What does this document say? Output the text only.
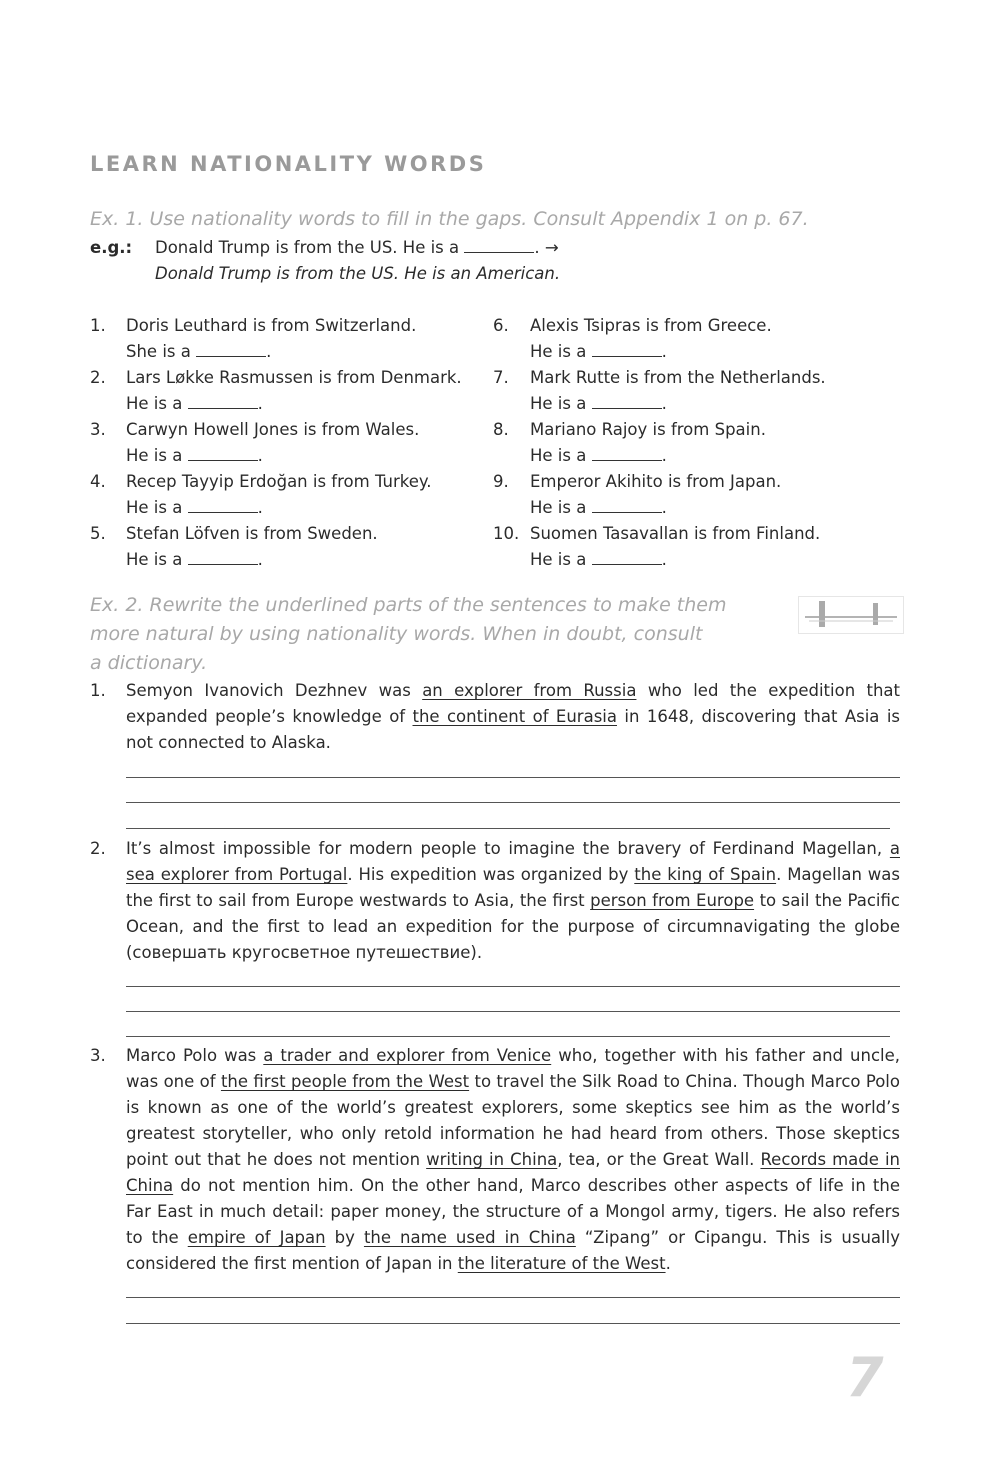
LEARN NATIONALITY WORDS
Ex. 1. Use nationality words to fill in the gaps. Consult Appendix 1 on p. 67.
e.g.: Donald Trump is from the US. He is a	. →
Donald Trump is from the US. He is an American.
1. Doris Leuthard is from Switzerland.
She is a	.
2. Lars Løkke Rasmussen is from Denmark.
He is a	.
3. Carwyn Howell Jones is from Wales.
He is a	.
4. Recep Tayyip Erdoğan is from Turkey.
He is a	.
5. Stefan Löfven is from Sweden.
He is a	.
6. Alexis Tsipras is from Greece.
He is a	.
7. Mark Rutte is from the Netherlands.
He is a	.
8. Mariano Rajoy is from Spain.
He is a	.
9. Emperor Akihito is from Japan.
He is a	.
10. Suomen Tasavallan is from Finland.
He is a	.
Ex. 2. Rewrite the underlined parts of the sentences to make them
more natural by using nationality words. When in doubt, consult
a dictionary.
1. Semyon Ivanovich Dezhnev was an explorer from Russia who led the expedition that expanded people’s knowledge of the continent of Eurasia in 1648, discovering that Asia is not connected to Alaska.
2. It’s almost impossible for modern people to imagine the bravery of Ferdinand Magellan, a sea explorer from Portugal. His expedition was organized by the king of Spain. Magellan was the first to sail from Europe westwards to Asia, the first person from Europe to sail the Pacific Ocean, and the first to lead an expedition for the purpose of circumnavigating the globe (совершать кругосветное путешествие).
3. Marco Polo was a trader and explorer from Venice who, together with his father and uncle, was one of the first people from the West to travel the Silk Road to China. Though Marco Polo is known as one of the world’s greatest explorers, some skeptics see him as the world’s greatest storyteller, who only retold information he had heard from others. Those skeptics point out that he does not mention writing in China, tea, or the Great Wall. Records made in China do not mention him. On the other hand, Marco describes other aspects of life in the Far East in much detail: paper money, the structure of a Mongol army, tigers. He also refers to the empire of Japan by the name used in China “Zipang” or Cipangu. This is usually considered the first mention of Japan in the literature of the West.
7
